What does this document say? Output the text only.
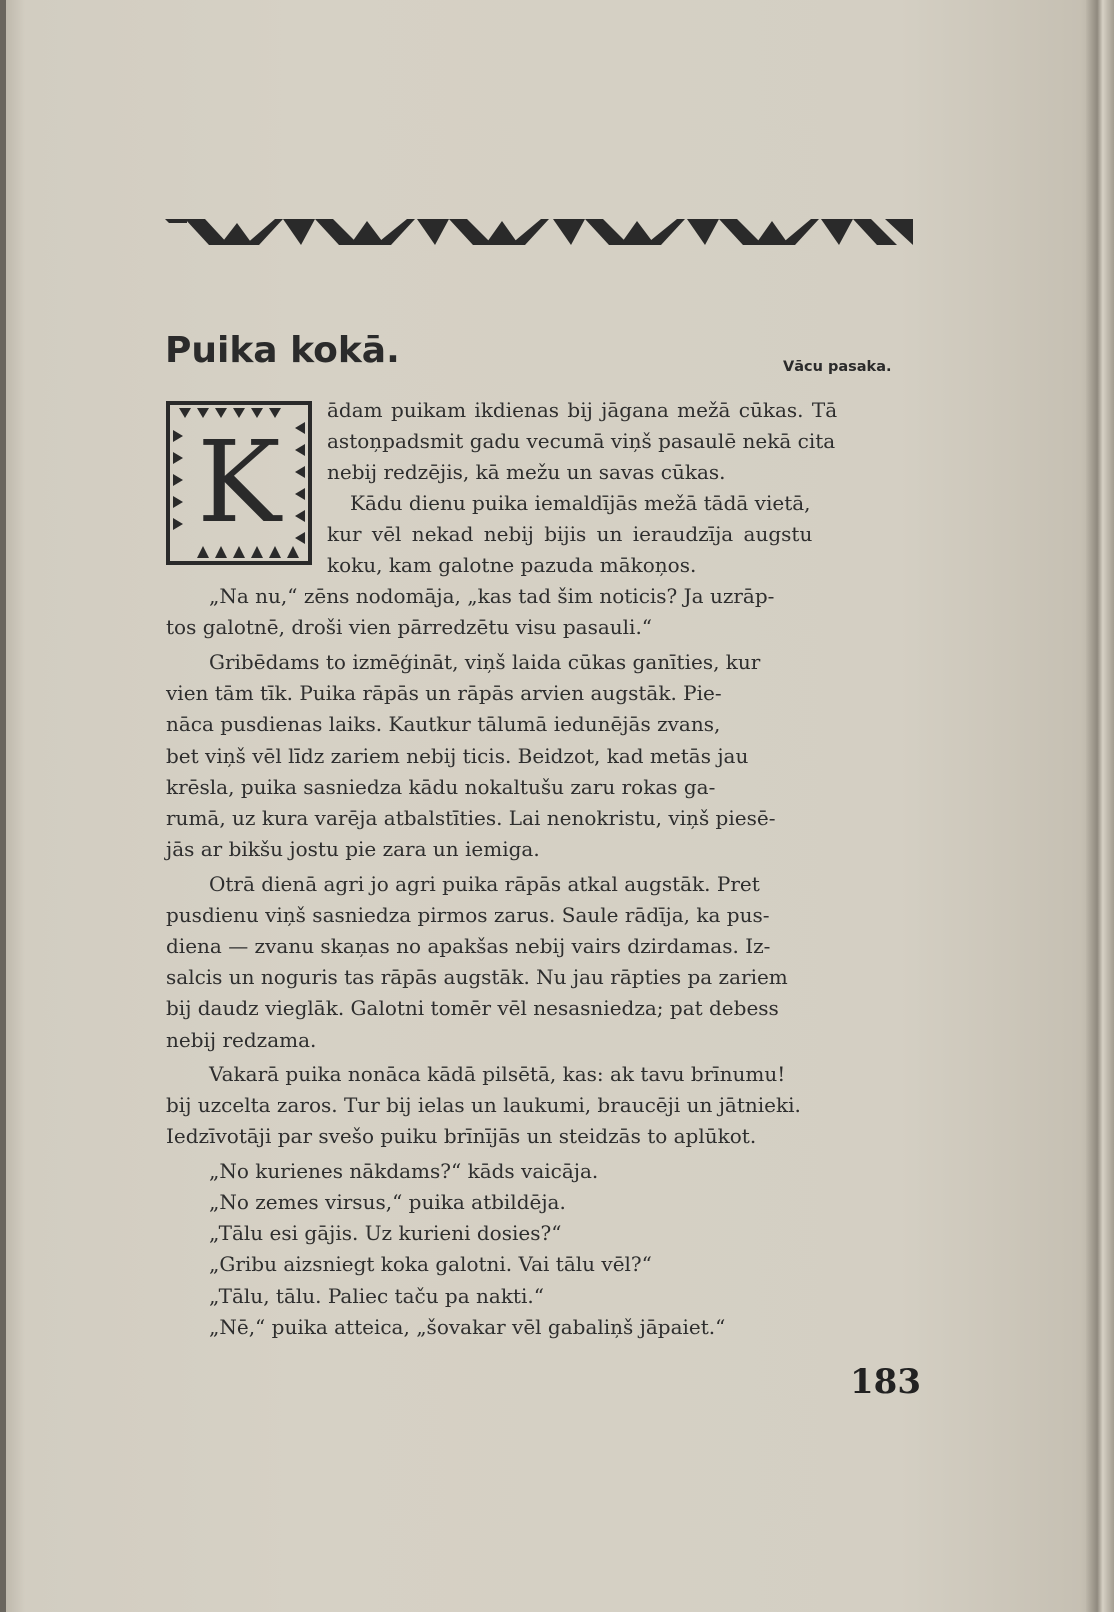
Puika kokā.	Vācu pasaka.
K

ādam puikam ikdienas bij jāgana mežā cūkas. Tā

astoņpadsmit gadu vecumā viņš pasaulē nekā cita

nebij redzējis, kā mežu un savas cūkas.

Kādu dienu puika iemaldījās mežā tādā vietā,

kur vēl nekad nebij bijis un ieraudzīja augstu

koku, kam galotne pazuda mākoņos.

„Na nu,“ zēns nodomāja, „kas tad šim noticis? Ja uzrāp-

tos galotnē, droši vien pārredzētu visu pasauli.“

Gribēdams to izmēģināt, viņš laida cūkas ganīties, kur

vien tām tīk. Puika rāpās un rāpās arvien augstāk. Pie-

nāca pusdienas laiks. Kautkur tālumā iedunējās zvans,

bet viņš vēl līdz zariem nebij ticis. Beidzot, kad metās jau

krēsla, puika sasniedza kādu nokaltušu zaru rokas ga-

rumā, uz kura varēja atbalstīties. Lai nenokristu, viņš piesē-

jās ar bikšu jostu pie zara un iemiga.

Otrā dienā agri jo agri puika rāpās atkal augstāk. Pret

pusdienu viņš sasniedza pirmos zarus. Saule rādīja, ka pus-

diena — zvanu skaņas no apakšas nebij vairs dzirdamas. Iz-

salcis un noguris tas rāpās augstāk. Nu jau rāpties pa zariem

bij daudz vieglāk. Galotni tomēr vēl nesasniedza; pat debess

nebij redzama.

Vakarā puika nonāca kādā pilsētā, kas: ak tavu brīnumu!

bij uzcelta zaros. Tur bij ielas un laukumi, braucēji un jātnieki.

Iedzīvotāji par svešo puiku brīnījās un steidzās to aplūkot.

„No kurienes nākdams?“ kāds vaicāja.

„No zemes virsus,“ puika atbildēja.

„Tālu esi gājis. Uz kurieni dosies?“

„Gribu aizsniegt koka galotni. Vai tālu vēl?“

„Tālu, tālu. Paliec taču pa nakti.“

„Nē,“ puika atteica, „šovakar vēl gabaliņš jāpaiet.“

183
